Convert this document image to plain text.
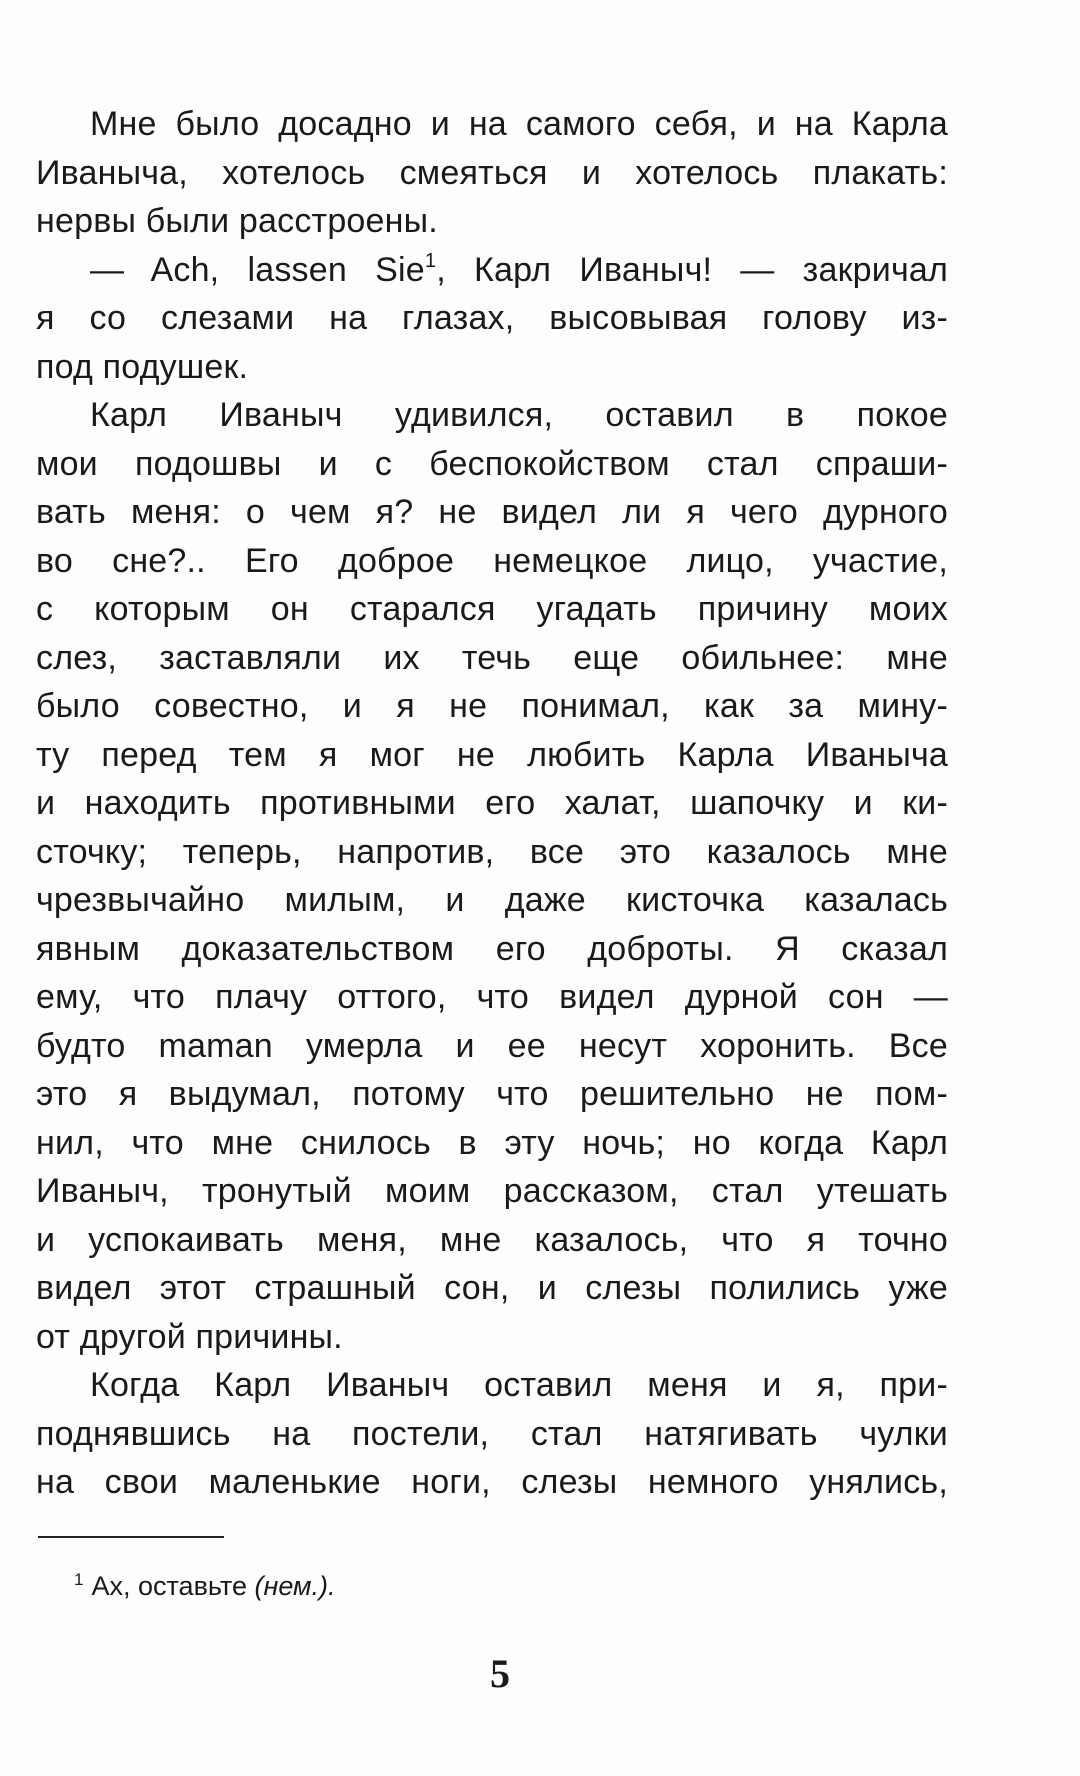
Мне было досадно и на самого себя, и на Карла
Иваныча, хотелось смеяться и хотелось плакать:
нервы были расстроены.
— Ach, lassen Sie$^1$, Карл Иваныч! — закричал
я со слезами на глазах, высовывая голову из-
под подушек.
Карл Иваныч удивился, оставил в покое
мои подошвы и с беспокойством стал спраши-
вать меня: о чем я? не видел ли я чего дурного
во сне?.. Его доброе немецкое лицо, участие,
с которым он старался угадать причину моих
слез, заставляли их течь еще обильнее: мне
было совестно, и я не понимал, как за мину-
ту перед тем я мог не любить Карла Иваныча
и находить противными его халат, шапочку и ки-
сточку; теперь, напротив, все это казалось мне
чрезвычайно милым, и даже кисточка казалась
явным доказательством его доброты. Я сказал
ему, что плачу оттого, что видел дурной сон —
будто maman умерла и ее несут хоронить. Все
это я выдумал, потому что решительно не пом-
нил, что мне снилось в эту ночь; но когда Карл
Иваныч, тронутый моим рассказом, стал утешать
и успокаивать меня, мне казалось, что я точно
видел этот страшный сон, и слезы полились уже
от другой причины.
Когда Карл Иваныч оставил меня и я, при-
поднявшись на постели, стал натягивать чулки
на свои маленькие ноги, слезы немного унялись,
$^1$ Ах, оставьте (нем.).
5
